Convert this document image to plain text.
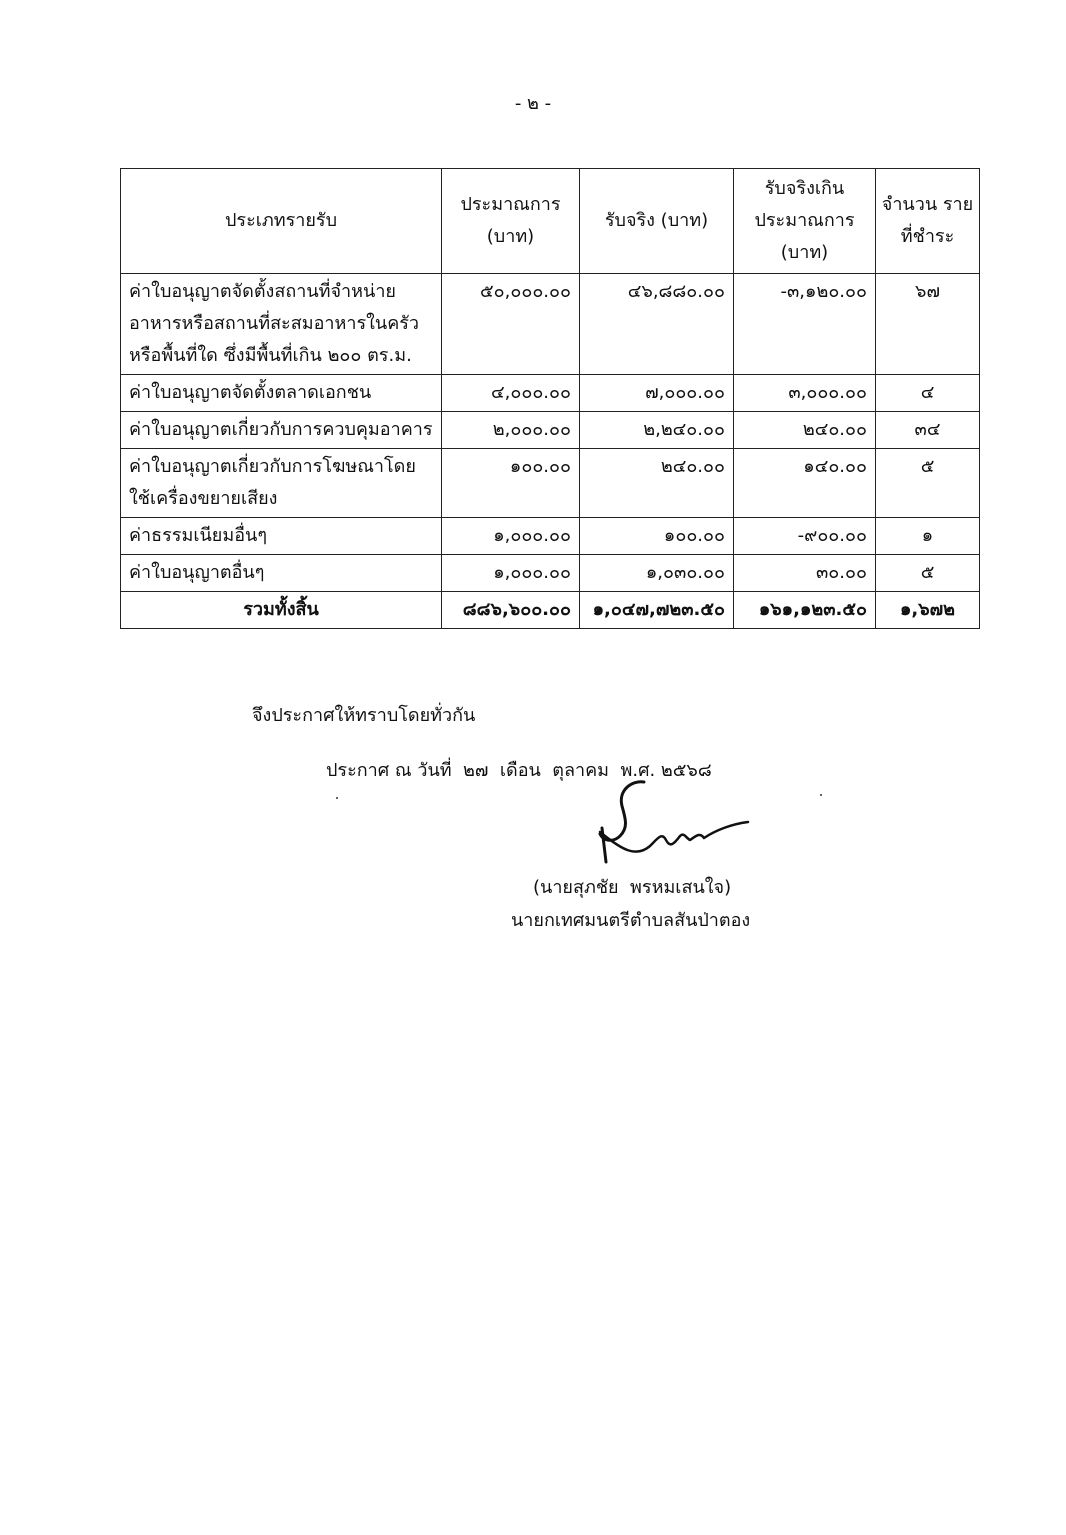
- ๒ -
ประเภทรายรับ	ประมาณการ (บาท)	รับจริง (บาท)	รับจริงเกิน ประมาณการ (บาท)	จำนวน ราย ที่ชำระ
ค่าใบอนุญาตจัดตั้งสถานที่จำหน่ายอาหารหรือสถานที่สะสมอาหารในครัวหรือพื้นที่ใด ซึ่งมีพื้นที่เกิน ๒๐๐ ตร.ม.	๕๐,๐๐๐.๐๐	๔๖,๘๘๐.๐๐	-๓,๑๒๐.๐๐	๖๗
ค่าใบอนุญาตจัดตั้งตลาดเอกชน	๔,๐๐๐.๐๐	๗,๐๐๐.๐๐	๓,๐๐๐.๐๐	๔
ค่าใบอนุญาตเกี่ยวกับการควบคุมอาคาร	๒,๐๐๐.๐๐	๒,๒๔๐.๐๐	๒๔๐.๐๐	๓๔
ค่าใบอนุญาตเกี่ยวกับการโฆษณาโดยใช้เครื่องขยายเสียง	๑๐๐.๐๐	๒๔๐.๐๐	๑๔๐.๐๐	๕
ค่าธรรมเนียมอื่นๆ	๑,๐๐๐.๐๐	๑๐๐.๐๐	-๙๐๐.๐๐	๑
ค่าใบอนุญาตอื่นๆ	๑,๐๐๐.๐๐	๑,๐๓๐.๐๐	๓๐.๐๐	๕
รวมทั้งสิ้น	๘๘๖,๖๐๐.๐๐	๑,๐๔๗,๗๒๓.๕๐	๑๖๑,๑๒๓.๕๐	๑,๖๗๒
จึงประกาศให้ทราบโดยทั่วกัน
ประกาศ ณ วันที่  ๒๗  เดือน  ตุลาคม  พ.ศ. ๒๕๖๘
(นายสุภชัย  พรหมเสนใจ)
นายกเทศมนตรีตำบลสันป่าตอง
